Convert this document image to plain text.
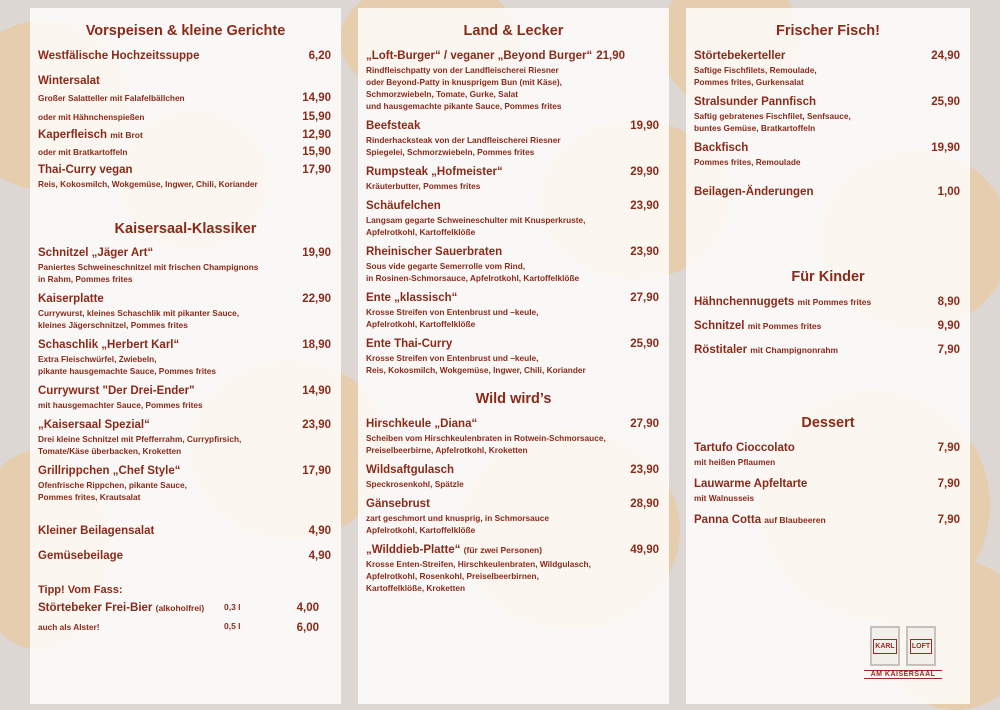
Vorspeisen & kleine Gerichte
Westfälische Hochzeitssuppe	6,20
Wintersalat
Großer Salatteller mit Falafelbällchen	14,90
oder mit Hähnchenspießen	15,90
Kaperfleisch mit Brot	12,90
oder mit Bratkartoffeln	15,90
Thai-Curry vegan	17,90
Reis, Kokosmilch, Wokgemüse, Ingwer, Chili, Koriander
Kaisersaal-Klassiker
Schnitzel „Jäger Art“	19,90
Paniertes Schweineschnitzel mit frischen Champignons
in Rahm, Pommes frites
Kaiserplatte	22,90
Currywurst, kleines Schaschlik mit pikanter Sauce,
kleines Jägerschnitzel, Pommes frites
Schaschlik „Herbert Karl“	18,90
Extra Fleischwürfel, Zwiebeln,
pikante hausgemachte Sauce, Pommes frites
Currywurst "Der Drei-Ender"	14,90
mit hausgemachter Sauce, Pommes frites
„Kaisersaal Spezial“	23,90
Drei kleine Schnitzel mit Pfefferrahm, Currypfirsich,
Tomate/Käse überbacken, Kroketten
Grillrippchen „Chef Style“	17,90
Ofenfrische Rippchen, pikante Sauce,
Pommes frites, Krautsalat
Kleiner Beilagensalat	4,90
Gemüsebeilage	4,90
Tipp! Vom Fass:
Störtebeker Frei-Bier (alkoholfrei)	0,3 l	4,00
auch als Alster!	0,5 l	6,00
Land & Lecker
„Loft-Burger“ / veganer „Beyond Burger“ 21,90
Rindfleischpatty von der Landfleischerei Riesner
oder Beyond-Patty in knusprigem Bun (mit Käse),
Schmorzwiebeln, Tomate, Gurke, Salat
und hausgemachte pikante Sauce, Pommes frites
Beefsteak	19,90
Rinderhacksteak von der Landfleischerei Riesner
Spiegelei, Schmorzwiebeln, Pommes frites
Rumpsteak „Hofmeister“	29,90
Kräuterbutter, Pommes frites
Schäufelchen	23,90
Langsam gegarte Schweineschulter mit Knusperkruste,
Apfelrotkohl, Kartoffelklöße
Rheinischer Sauerbraten	23,90
Sous vide gegarte Semerrolle vom Rind,
in Rosinen-Schmorsauce, Apfelrotkohl, Kartoffelklöße
Ente „klassisch“	27,90
Krosse Streifen von Entenbrust und –keule,
Apfelrotkohl, Kartoffelklöße
Ente Thai-Curry	25,90
Krosse Streifen von Entenbrust und –keule,
Reis, Kokosmilch, Wokgemüse, Ingwer, Chili, Koriander
Wild wird’s
Hirschkeule „Diana“	27,90
Scheiben vom Hirschkeulenbraten in Rotwein-Schmorsauce,
Preiselbeerbirne, Apfelrotkohl, Kroketten
Wildsaftgulasch	23,90
Speckrosenkohl, Spätzle
Gänsebrust	28,90
zart geschmort und knusprig, in Schmorsauce
Apfelrotkohl, Kartoffelklöße
„Wilddieb-Platte“ (für zwei Personen)	49,90
Krosse Enten-Streifen, Hirschkeulenbraten, Wildgulasch,
Apfelrotkohl, Rosenkohl, Preiselbeerbirnen,
Kartoffelklöße, Kroketten
Frischer Fisch!
Störtebekerteller	24,90
Saftige Fischfilets, Remoulade,
Pommes frites, Gurkensalat
Stralsunder Pannfisch	25,90
Saftig gebratenes Fischfilet, Senfsauce,
buntes Gemüse, Bratkartoffeln
Backfisch	19,90
Pommes frites, Remoulade
Beilagen-Änderungen	1,00
Für Kinder
Hähnchennuggets mit Pommes frites	8,90
Schnitzel mit Pommes frites	9,90
Röstitaler mit Champignonrahm	7,90
Dessert
Tartufo Cioccolato	7,90
mit heißen Pflaumen
Lauwarme Apfeltarte	7,90
mit Walnusseis
Panna Cotta auf Blaubeeren	7,90
KARL LOFT
AM KAISERSAAL
